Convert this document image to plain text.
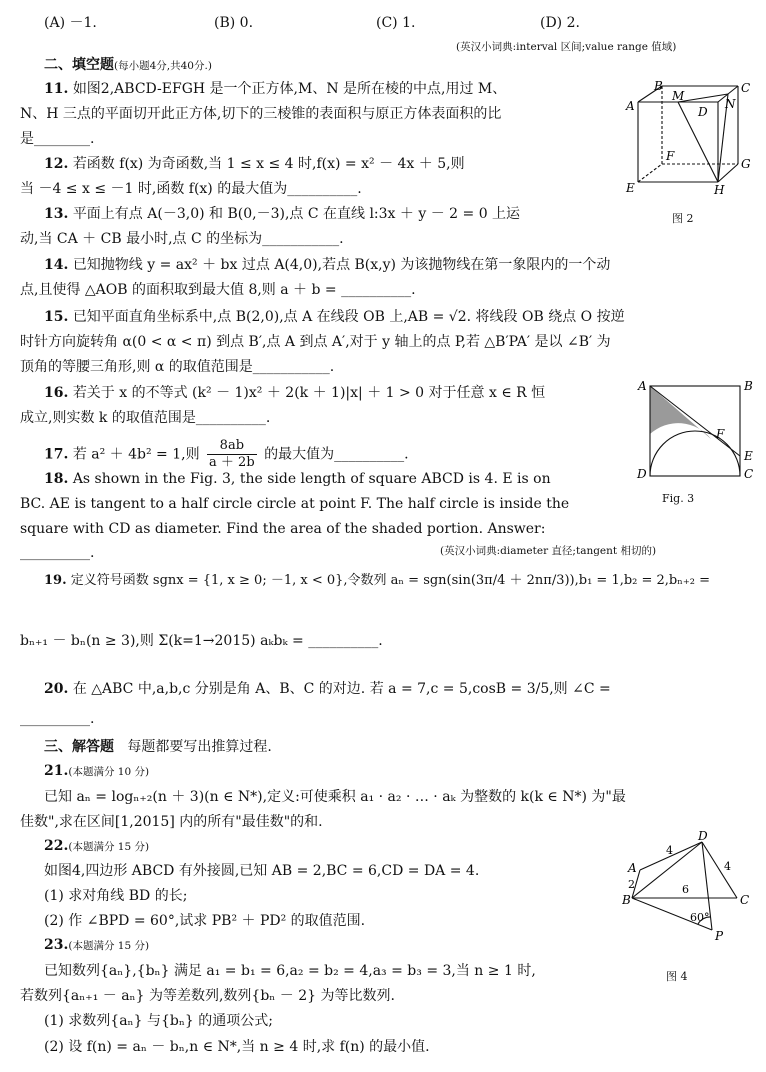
(A) －1.	(B) 0.	(C) 1.	(D) 2.
(英汉小词典:interval 区间;value range 值域)
二、填空题(每小题4分,共40分.)
11. 如图2,ABCD-EFGH 是一个正方体,M、N 是所在棱的中点,用过 M、
N、H 三点的平面切开此正方体,切下的三棱锥的表面积与原正方体表面积的比
是________.
12. 若函数 f(x) 为奇函数,当 1 ≤ x ≤ 4 时,f(x) = x² － 4x ＋ 5,则
当 －4 ≤ x ≤ －1 时,函数 f(x) 的最大值为__________.
13. 平面上有点 A(－3,0) 和 B(0,－3),点 C 在直线 l:3x ＋ y － 2 = 0 上运
动,当 CA ＋ CB 最小时,点 C 的坐标为___________.
14. 已知抛物线 y = ax² ＋ bx 过点 A(4,0),若点 B(x,y) 为该抛物线在第一象限内的一个动
点,且使得 △AOB 的面积取到最大值 8,则 a ＋ b = __________.
15. 已知平面直角坐标系中,点 B(2,0),点 A 在线段 OB 上,AB = √2. 将线段 OB 绕点 O 按逆
时针方向旋转角 α(0 < α < π) 到点 B′,点 A 到点 A′,对于 y 轴上的点 P,若 △B′PA′ 是以 ∠B′ 为
顶角的等腰三角形,则 α 的取值范围是___________.
16. 若关于 x 的不等式 (k² － 1)x² ＋ 2(k ＋ 1)|x| ＋ 1 > 0 对于任意 x ∈ R 恒
成立,则实数 k 的取值范围是__________.
17. 若 a² ＋ 4b² = 1,则 $\frac{8ab}{a + 2b}$ 的最大值为__________.
18. As shown in the Fig. 3, the side length of square ABCD is 4. E is on
BC. AE is tangent to a half circle circle at point F. The half circle is inside the
square with CD as diameter. Find the area of the shaded portion. Answer:
__________.	(英汉小词典:diameter 直径;tangent 相切的)
19. 定义符号函数 sgnx = {1, x ≥ 0; －1, x < 0},令数列 aₙ = sgn(sin(3π/4 ＋ 2nπ/3)),b₁ = 1,b₂ = 2,bₙ₊₂ =
bₙ₊₁ － bₙ(n ≥ 3),则 Σ(k=1→2015) aₖbₖ = __________.
20. 在 △ABC 中,a,b,c 分别是角 A、B、C 的对边. 若 a = 7,c = 5,cosB = 3/5,则 ∠C =
__________.
三、解答题 每题都要写出推算过程.
21.(本题满分 10 分)
已知 aₙ = logₙ₊₂(n ＋ 3)(n ∈ N*),定义:可使乘积 a₁ · a₂ · … · aₖ 为整数的 k(k ∈ N*) 为"最
佳数",求在区间[1,2015] 内的所有"最佳数"的和.
22.(本题满分 15 分)
如图4,四边形 ABCD 有外接圆,已知 AB = 2,BC = 6,CD = DA = 4.
(1) 求对角线 BD 的长;
(2) 作 ∠BPD = 60°,试求 PB² ＋ PD² 的取值范围.
23.(本题满分 15 分)
已知数列{aₙ},{bₙ} 满足 a₁ = b₁ = 6,a₂ = b₂ = 4,a₃ = b₃ = 3,当 n ≥ 1 时,
若数列{aₙ₊₁ － aₙ} 为等差数列,数列{bₙ － 2} 为等比数列.
(1) 求数列{aₙ} 与{bₙ} 的通项公式;
(2) 设 f(n) = aₙ － bₙ,n ∈ N*,当 n ≥ 4 时,求 f(n) 的最小值.
B	C
A
M
D
N
G
F
E	H
图 2
A	B
F
E
D	C
Fig. 3
D
A
B	C
P
4
4
2	6
60°
图 4
